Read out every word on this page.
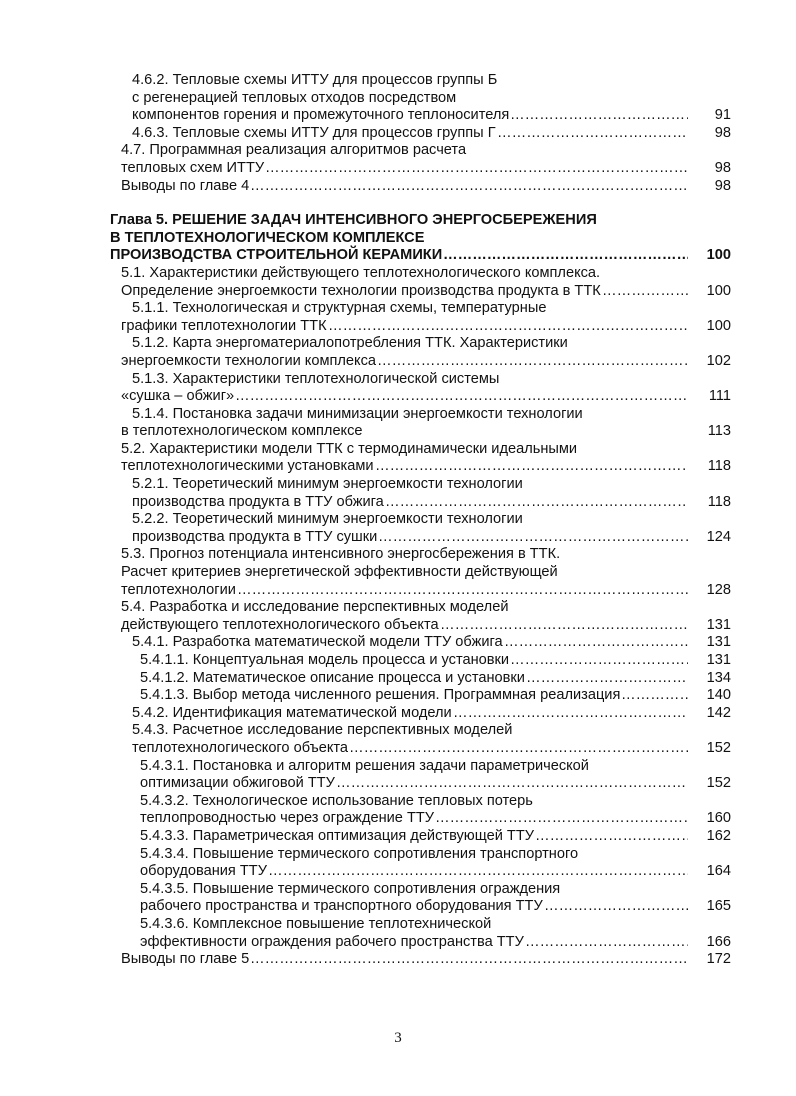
4.6.2. Тепловые схемы ИТТУ для процессов группы Б
с регенерацией тепловых отходов посредством
компонентов горения и промежуточного теплоносителя	91
………………………………………………………………………………………………………………………………………………
4.6.3. Тепловые схемы ИТТУ для процессов группы Г	98
………………………………………………………………………………………………………………………………………………
4.7. Программная реализация алгоритмов расчета
тепловых схем ИТТУ	98
………………………………………………………………………………………………………………………………………………
Выводы по главе 4	98
………………………………………………………………………………………………………………………………………………
Глава 5. РЕШЕНИЕ ЗАДАЧ ИНТЕНСИВНОГО ЭНЕРГОСБЕРЕЖЕНИЯ
В ТЕПЛОТЕХНОЛОГИЧЕСКОМ КОМПЛЕКСЕ
ПРОИЗВОДСТВА СТРОИТЕЛЬНОЙ КЕРАМИКИ	100
………………………………………………………………………………………………………………………………………………
5.1. Характеристики действующего теплотехнологического комплекса.
Определение энергоемкости технологии производства продукта в ТТК	100
………………………………………………………………………………………………………………………………………………
5.1.1. Технологическая и структурная схемы, температурные
графики теплотехнологии ТТК	100
………………………………………………………………………………………………………………………………………………
5.1.2. Карта энергоматериалопотребления ТТК. Характеристики
энергоемкости технологии комплекса	102
………………………………………………………………………………………………………………………………………………
5.1.3. Характеристики теплотехнологической системы
«сушка – обжиг»	111
………………………………………………………………………………………………………………………………………………
5.1.4. Постановка задачи минимизации энергоемкости технологии
в теплотехнологическом комплексе	113
5.2. Характеристики модели ТТК с термодинамически идеальными
теплотехнологическими установками	118
………………………………………………………………………………………………………………………………………………
5.2.1. Теоретический минимум энергоемкости технологии
производства продукта в ТТУ обжига	118
………………………………………………………………………………………………………………………………………………
5.2.2. Теоретический минимум энергоемкости технологии
производства продукта в ТТУ сушки	124
………………………………………………………………………………………………………………………………………………
5.3. Прогноз потенциала интенсивного энергосбережения в ТТК.
Расчет критериев энергетической эффективности действующей
теплотехнологии	128
………………………………………………………………………………………………………………………………………………
5.4. Разработка и исследование перспективных моделей
действующего теплотехнологического объекта	131
………………………………………………………………………………………………………………………………………………
5.4.1. Разработка математической модели ТТУ обжига	131
………………………………………………………………………………………………………………………………………………
5.4.1.1. Концептуальная модель процесса и установки	131
………………………………………………………………………………………………………………………………………………
5.4.1.2. Математическое описание процесса и установки	134
………………………………………………………………………………………………………………………………………………
5.4.1.3. Выбор метода численного решения. Программная реализация	140
………………………………………………………………………………………………………………………………………………
5.4.2. Идентификация математической модели	142
………………………………………………………………………………………………………………………………………………
5.4.3. Расчетное исследование перспективных моделей
теплотехнологического объекта	152
………………………………………………………………………………………………………………………………………………
5.4.3.1. Постановка и алгоритм решения задачи параметрической
оптимизации обжиговой ТТУ	152
………………………………………………………………………………………………………………………………………………
5.4.3.2. Технологическое использование тепловых потерь
теплопроводностью через ограждение ТТУ	160
………………………………………………………………………………………………………………………………………………
5.4.3.3. Параметрическая оптимизация действующей ТТУ	162
………………………………………………………………………………………………………………………………………………
5.4.3.4. Повышение термического сопротивления транспортного
оборудования ТТУ	164
………………………………………………………………………………………………………………………………………………
5.4.3.5. Повышение термического сопротивления ограждения
рабочего пространства и транспортного оборудования ТТУ	165
………………………………………………………………………………………………………………………………………………
5.4.3.6. Комплексное повышение теплотехнической
эффективности ограждения рабочего пространства ТТУ	166
………………………………………………………………………………………………………………………………………………
Выводы по главе 5	172
………………………………………………………………………………………………………………………………………………
3
